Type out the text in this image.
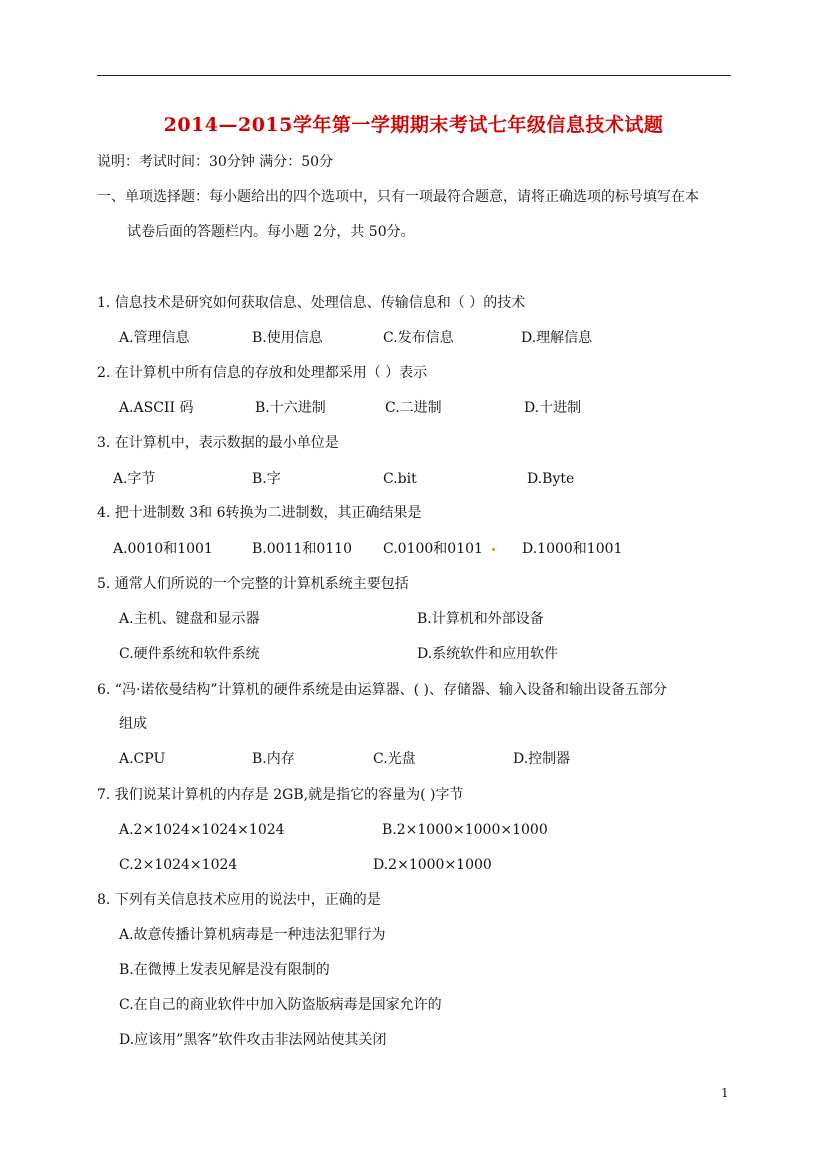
2014—2015学年第一学期期末考试七年级信息技术试题
说明：考试时间：30分钟 满分：50分
一、单项选择题：每小题给出的四个选项中，只有一项最符合题意，请将正确选项的标号填写在本
试卷后面的答题栏内。每小题 2分，共 50分。
1. 信息技术是研究如何获取信息、处理信息、传输信息和（ ）的技术
A.管理信息	B.使用信息	C.发布信息	D.理解信息
2. 在计算机中所有信息的存放和处理都采用（ ）表示
A.ASCII 码	B.十六进制	C.二进制	D.十进制
3. 在计算机中，表示数据的最小单位是
A.字节	B.字	C.bit	D.Byte
4. 把十进制数 3和 6转换为二进制数，其正确结果是
A.0010和1001	B.0011和0110 C.0100和0101	D.1000和1001
5. 通常人们所说的一个完整的计算机系统主要包括
A.主机、键盘和显示器	B.计算机和外部设备
C.硬件系统和软件系统	D.系统软件和应用软件
6. “冯·诺依曼结构”计算机的硬件系统是由运算器、( )、存储器、输入设备和输出设备五部分
组成
A.CPU	B.内存	C.光盘	D.控制器
7. 我们说某计算机的内存是 2GB,就是指它的容量为( )字节
A.2×1024×1024×1024	B.2×1000×1000×1000
C.2×1024×1024	D.2×1000×1000
8. 下列有关信息技术应用的说法中，正确的是
A.故意传播计算机病毒是一种违法犯罪行为
B.在微博上发表见解是没有限制的
C.在自己的商业软件中加入防盗版病毒是国家允许的
D.应该用”黑客”软件攻击非法网站使其关闭
1
